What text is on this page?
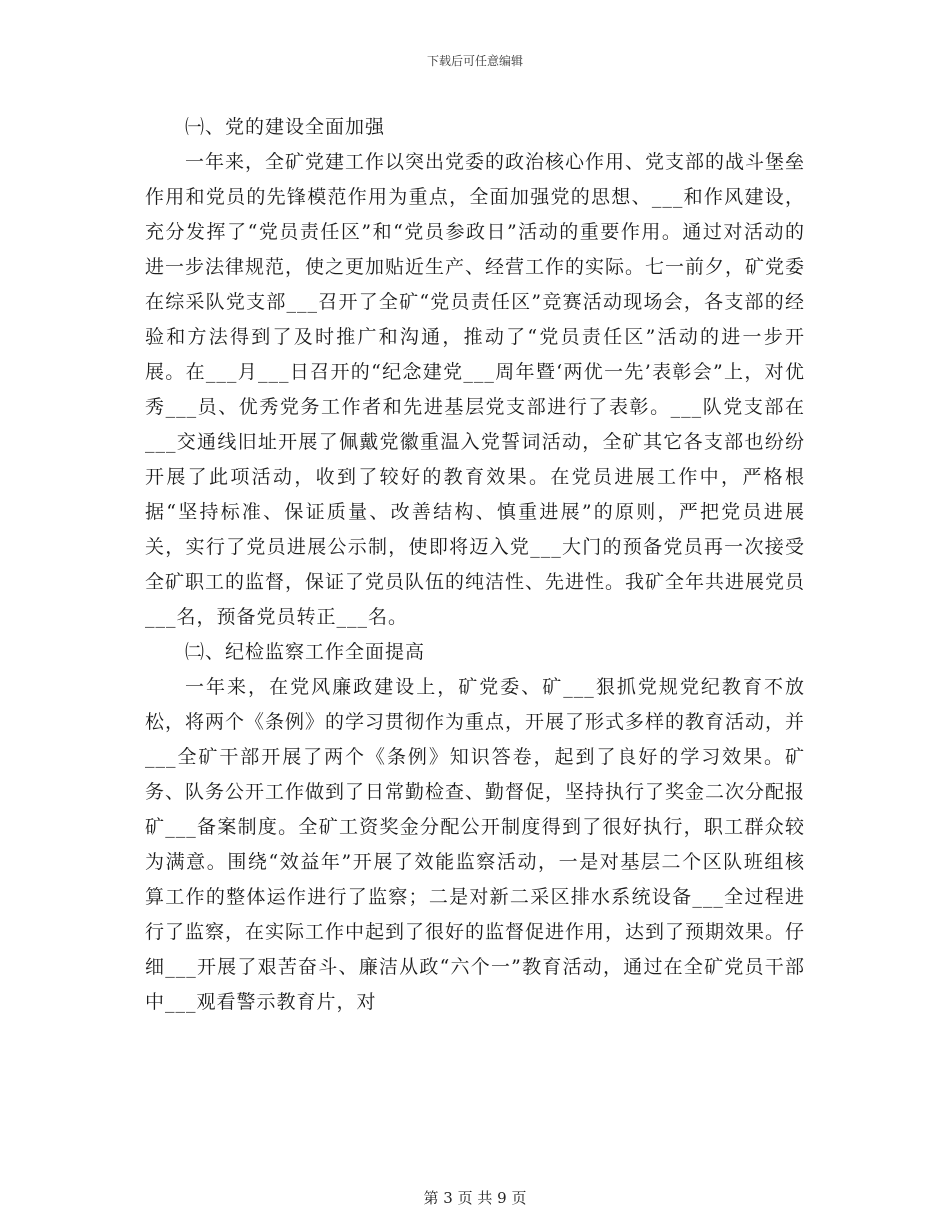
下载后可任意编辑

㈠、党的建设全面加强

一年来，全矿党建工作以突出党委的政治核心作用、党支部的战斗堡垒作用和党员的先锋模范作用为重点，全面加强党的思想、___和作风建设，充分发挥了“党员责任区”和“党员参政日”活动的重要作用。通过对活动的进一步法律规范，使之更加贴近生产、经营工作的实际。七一前夕，矿党委在综采队党支部___召开了全矿“党员责任区”竞赛活动现场会，各支部的经验和方法得到了及时推广和沟通，推动了“党员责任区”活动的进一步开展。在___月___日召开的“纪念建党___周年暨‘两优一先’表彰会”上，对优秀___员、优秀党务工作者和先进基层党支部进行了表彰。___队党支部在___交通线旧址开展了佩戴党徽重温入党誓词活动，全矿其它各支部也纷纷开展了此项活动，收到了较好的教育效果。在党员进展工作中，严格根据“坚持标准、保证质量、改善结构、慎重进展”的原则，严把党员进展关，实行了党员进展公示制，使即将迈入党___大门的预备党员再一次接受全矿职工的监督，保证了党员队伍的纯洁性、先进性。我矿全年共进展党员___名，预备党员转正___名。

㈡、纪检监察工作全面提高

一年来，在党风廉政建设上，矿党委、矿___狠抓党规党纪教育不放松，将两个《条例》的学习贯彻作为重点，开展了形式多样的教育活动，并___全矿干部开展了两个《条例》知识答卷，起到了良好的学习效果。矿务、队务公开工作做到了日常勤检查、勤督促，坚持执行了奖金二次分配报矿___备案制度。全矿工资奖金分配公开制度得到了很好执行，职工群众较为满意。围绕“效益年”开展了效能监察活动，一是对基层二个区队班组核算工作的整体运作进行了监察；二是对新二采区排水系统设备___全过程进行了监察，在实际工作中起到了很好的监督促进作用，达到了预期效果。仔细___开展了艰苦奋斗、廉洁从政“六个一”教育活动，通过在全矿党员干部中___观看警示教育片，对

第 3 页 共 9 页
